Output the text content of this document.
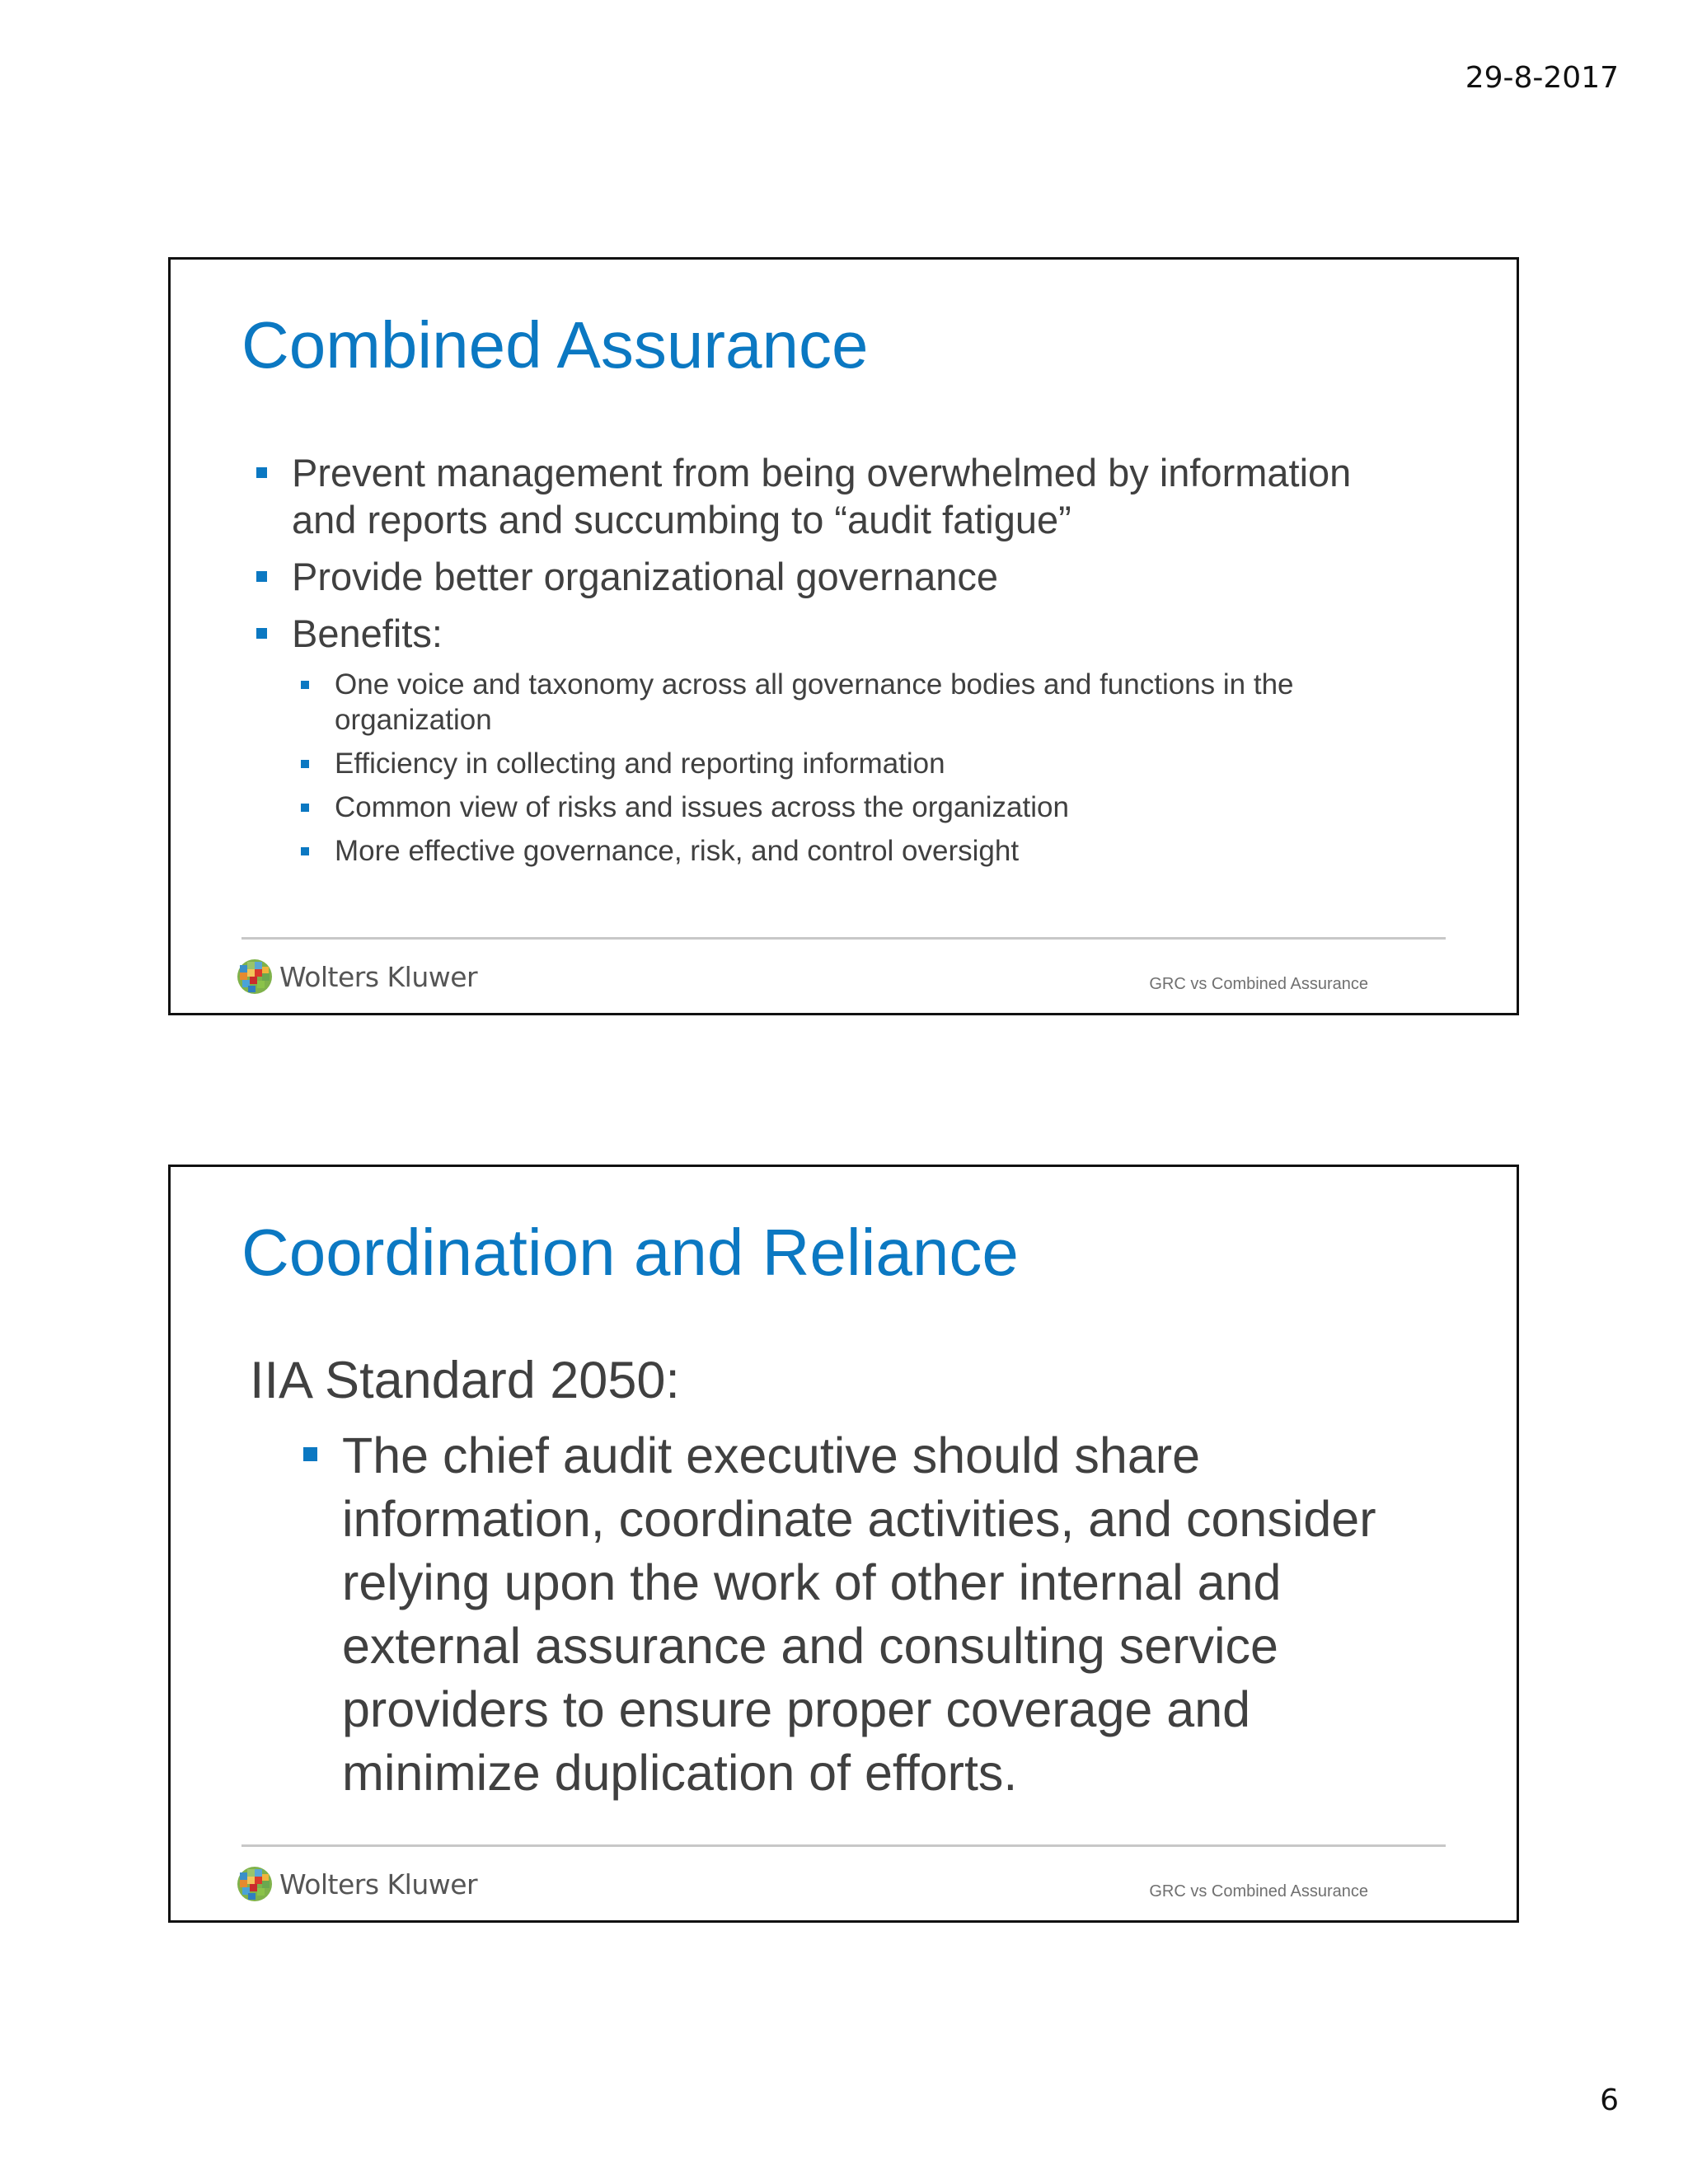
29-8-2017
Combined Assurance
Prevent management from being overwhelmed by information and reports and succumbing to “audit fatigue”
Provide better organizational governance
Benefits:
One voice and taxonomy across all governance bodies and functions in the organization
Efficiency in collecting and reporting information
Common view of risks and issues across the organization
More effective governance, risk, and control oversight
Wolters Kluwer	GRC vs Combined Assurance
Coordination and Reliance
IIA Standard 2050:
The chief audit executive should share information, coordinate activities, and consider relying upon the work of other internal and external assurance and consulting service providers to ensure proper coverage and minimize duplication of efforts.
Wolters Kluwer	GRC vs Combined Assurance
6
